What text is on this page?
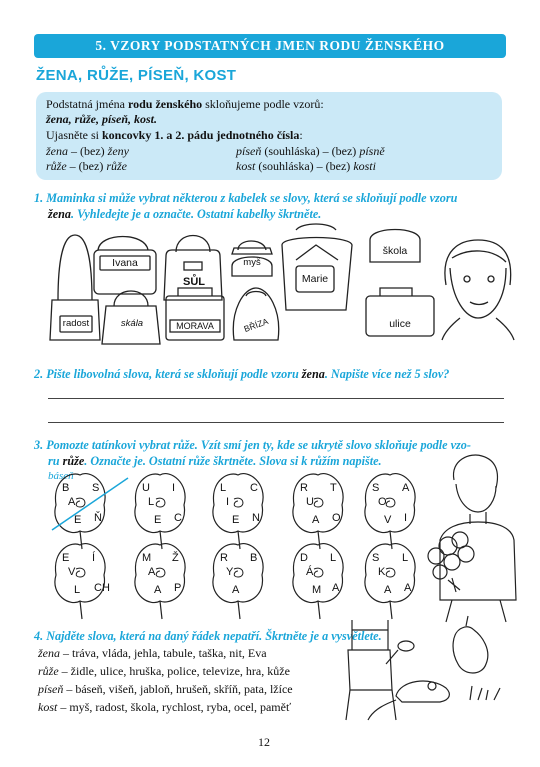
5. VZORY PODSTATNÝCH JMEN RODU ŽENSKÉHO
ŽENA, RŮŽE, PÍSEŇ, KOST
Podstatná jména rodu ženského skloňujeme podle vzorů:
žena, růže, píseň, kost.
Ujasněte si koncovky 1. a 2. pádu jednotného čísla:
žena – (bez) ženy
růže – (bez) růže
píseň (souhláska) – (bez) písně
kost (souhláska) – (bez) kosti
1. Maminka si může vybrat některou z kabelek se slovy, která se skloňují podle vzoru
žena. Vyhledejte je a označte. Ostatní kabelky škrtněte.
Ivana
SŮL
myš
Marie
škola
radost	skála	MORAVA	BŘÍZA	ulice
2. Pište libovolná slova, která se skloňují podle vzoru žena. Napište více než 5 slov?
3. Pomozte tatínkovi vybrat růže. Vzít smí jen ty, kde se ukrytě slovo skloňuje podle vzo-
ru růže. Označte je. Ostatní růže škrtněte. Slova si k růžím napište.
báseň
B
A
S
E Ň
U
L
I
E C
L
I
C
E N
R
U
T
A O
S
O
A
V I
E
V
Í
L CH
M
A
Ž
A P
R
Y
B
A
D
Á
L
M A
S
K
L
A A
4. Najděte slova, která na daný řádek nepatří. Škrtněte je a vysvětlete.
žena – tráva, vláda, jehla, tabule, taška, nit, Eva
růže – židle, ulice, hruška, police, televize, hra, kůže
píseň – báseň, višeň, jabloň, hrušeň, skříň, pata, lžíce
kost – myš, radost, škola, rychlost, ryba, ocel, paměť
12
